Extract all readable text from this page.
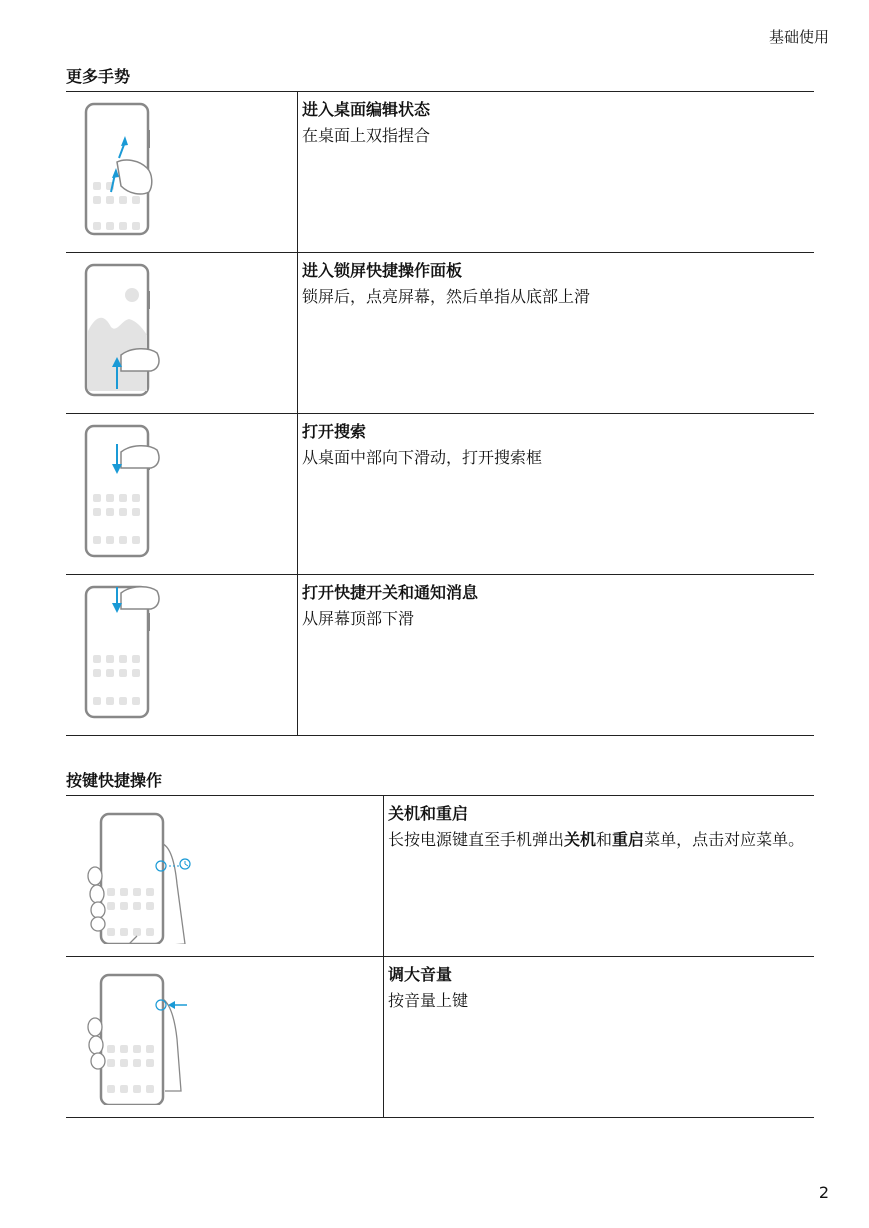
基础使用
更多手势

进入桌面编辑状态
在桌面上双指捏合

进入锁屏快捷操作面板
锁屏后，点亮屏幕，然后单指从底部上滑

打开搜索
从桌面中部向下滑动，打开搜索框

打开快捷开关和通知消息
从屏幕顶部下滑
按键快捷操作

关机和重启
长按电源键直至手机弹出关机和重启菜单，点击对应菜单。

调大音量
按音量上键
2
